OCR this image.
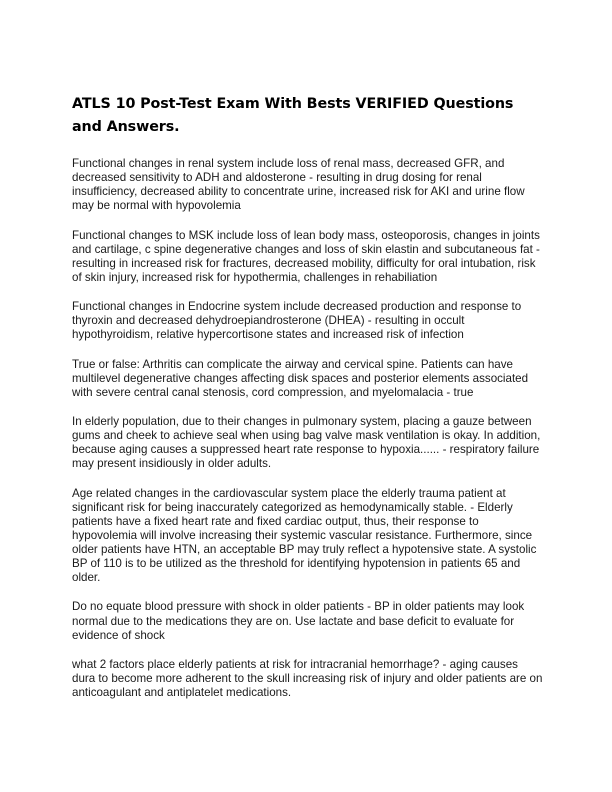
ATLS 10 Post-Test Exam With Bests VERIFIED Questions and Answers.

Functional changes in renal system include loss of renal mass, decreased GFR, and decreased sensitivity to ADH and aldosterone - resulting in drug dosing for renal insufficiency, decreased ability to concentrate urine, increased risk for AKI and urine flow may be normal with hypovolemia

Functional changes to MSK include loss of lean body mass, osteoporosis, changes in joints and cartilage, c spine degenerative changes and loss of skin elastin and subcutaneous fat - resulting in increased risk for fractures, decreased mobility, difficulty for oral intubation, risk of skin injury, increased risk for hypothermia, challenges in rehabiliation

Functional changes in Endocrine system include decreased production and response to thyroxin and decreased dehydroepiandrosterone (DHEA) - resulting in occult hypothyroidism, relative hypercortisone states and increased risk of infection

True or false: Arthritis can complicate the airway and cervical spine. Patients can have multilevel degenerative changes affecting disk spaces and posterior elements associated with severe central canal stenosis, cord compression, and myelomalacia - true

In elderly population, due to their changes in pulmonary system, placing a gauze between gums and cheek to achieve seal when using bag valve mask ventilation is okay. In addition, because aging causes a suppressed heart rate response to hypoxia...... - respiratory failure may present insidiously in older adults.

Age related changes in the cardiovascular system place the elderly trauma patient at significant risk for being inaccurately categorized as hemodynamically stable. - Elderly patients have a fixed heart rate and fixed cardiac output, thus, their response to hypovolemia will involve increasing their systemic vascular resistance. Furthermore, since older patients have HTN, an acceptable BP may truly reflect a hypotensive state. A systolic BP of 110 is to be utilized as the threshold for identifying hypotension in patients 65 and older.

Do no equate blood pressure with shock in older patients - BP in older patients may look normal due to the medications they are on. Use lactate and base deficit to evaluate for evidence of shock

what 2 factors place elderly patients at risk for intracranial hemorrhage? - aging causes dura to become more adherent to the skull increasing risk of injury and older patients are on anticoagulant and antiplatelet medications.
